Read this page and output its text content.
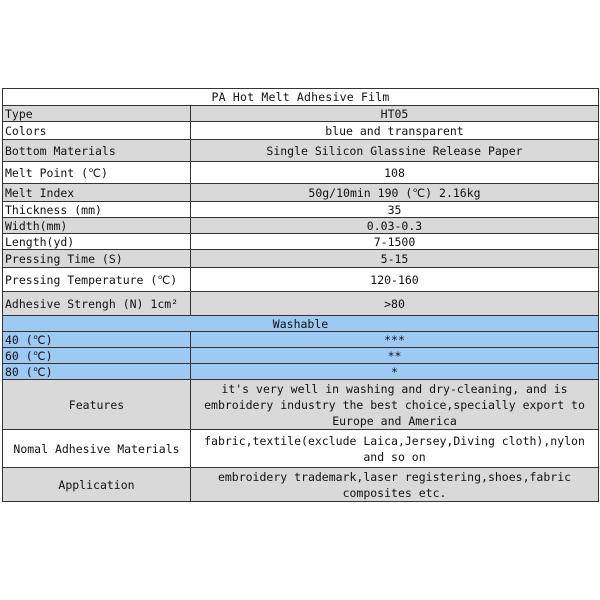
PA Hot Melt Adhesive Film	
Type	HT05
Colors	blue and transparent
Bottom Materials	Single Silicon Glassine Release Paper
Melt Point (℃)	108
Melt Index	50g/10min 190 (℃) 2.16kg
Thickness (mm)	35
Width(mm)	0.03-0.3
Length(yd)	7-1500
Pressing Time (S)	5-15
Pressing Temperature (℃)	120-160
Adhesive Strengh (N) 1cm²	>80
Washable	
40 (℃)	***
60 (℃)	**
80 (℃)	*
Features	it's very well in washing and dry-cleaning, and is embroidery industry the best choice,specially export to Europe and America
Nomal Adhesive Materials	fabric,textile(exclude Laica,Jersey,Diving cloth),nylon and so on
Application	embroidery trademark,laser registering,shoes,fabric composites etc.
